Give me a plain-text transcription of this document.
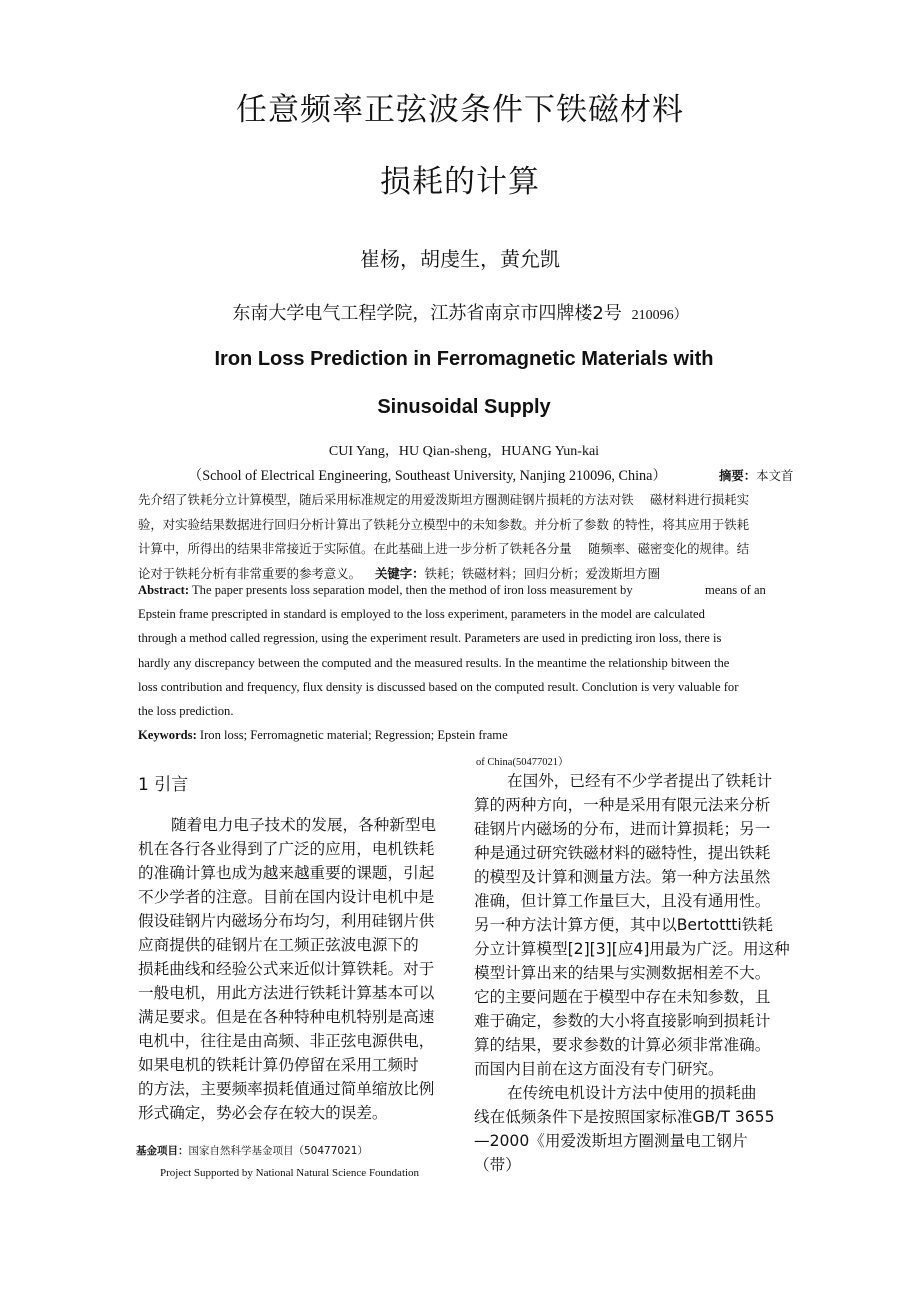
任意频率正弦波条件下铁磁材料
损耗的计算
崔杨，胡虔生，黄允凯
东南大学电气工程学院，江苏省南京市四牌楼2号 210096）
Iron Loss Prediction in Ferromagnetic Materials with
Sinusoidal Supply
CUI Yang，HU Qian-sheng，HUANG Yun-kai
（School of Electrical Engineering, Southeast University, Nanjing 210096, China）	摘要：本文首
先介绍了铁耗分立计算模型，随后采用标准规定的用爱泼斯坦方圈测硅钢片损耗的方法对铁　 磁材料进行损耗实
验，对实验结果数据进行回归分析计算出了铁耗分立模型中的未知参数。并分析了参数 的特性，将其应用于铁耗
计算中，所得出的结果非常接近于实际值。在此基础上进一步分析了铁耗各分量　 随频率、磁密变化的规律。结
论对于铁耗分析有非常重要的参考意义。 关键字：铁耗；铁磁材料；回归分析；爱泼斯坦方圈
Abstract: The paper presents loss separation model, then the method of iron loss measurement by	means of an
Epstein frame prescripted in standard is employed to the loss experiment, parameters in the model are calculated
through a method called regression, using the experiment result. Parameters are used in predicting iron loss, there is
hardly any discrepancy between the computed and the measured results. In the meantime the relationship bitween the
loss contribution and frequency, flux density is discussed based on the computed result. Conclution is very valuable for
the loss prediction.
Keywords: Iron loss; Ferromagnetic material; Regression; Epstein frame
of China(50477021）
1 引言
随着电力电子技术的发展，各种新型电
机在各行各业得到了广泛的应用，电机铁耗
的准确计算也成为越来越重要的课题，引起
不少学者的注意。目前在国内设计电机中是
假设硅钢片内磁场分布均匀，利用硅钢片供
应商提供的硅钢片在工频正弦波电源下的
损耗曲线和经验公式来近似计算铁耗。对于
一般电机，用此方法进行铁耗计算基本可以
满足要求。但是在各种特种电机特别是高速
电机中，往往是由高频、非正弦电源供电，
如果电机的铁耗计算仍停留在采用工频时
的方法，主要频率损耗值通过简单缩放比例
形式确定，势必会存在较大的误差。
在国外，已经有不少学者提出了铁耗计
算的两种方向，一种是采用有限元法来分析
硅钢片内磁场的分布，进而计算损耗；另一
种是通过研究铁磁材料的磁特性，提出铁耗
的模型及计算和测量方法。第一种方法虽然
准确，但计算工作量巨大，且没有通用性。
另一种方法计算方便，其中以Bertottti铁耗
分立计算模型[2][3][应4]用最为广泛。用这种
模型计算出来的结果与实测数据相差不大。
它的主要问题在于模型中存在未知参数，且
难于确定，参数的大小将直接影响到损耗计
算的结果，要求参数的计算必须非常准确。
而国内目前在这方面没有专门研究。
在传统电机设计方法中使用的损耗曲
线在低频条件下是按照国家标准GB/T 3655
—2000《用爱泼斯坦方圈测量电工钢片
（带）
基金项目：国家自然科学基金项目（50477021）
Project Supported by National Natural Science Foundation
